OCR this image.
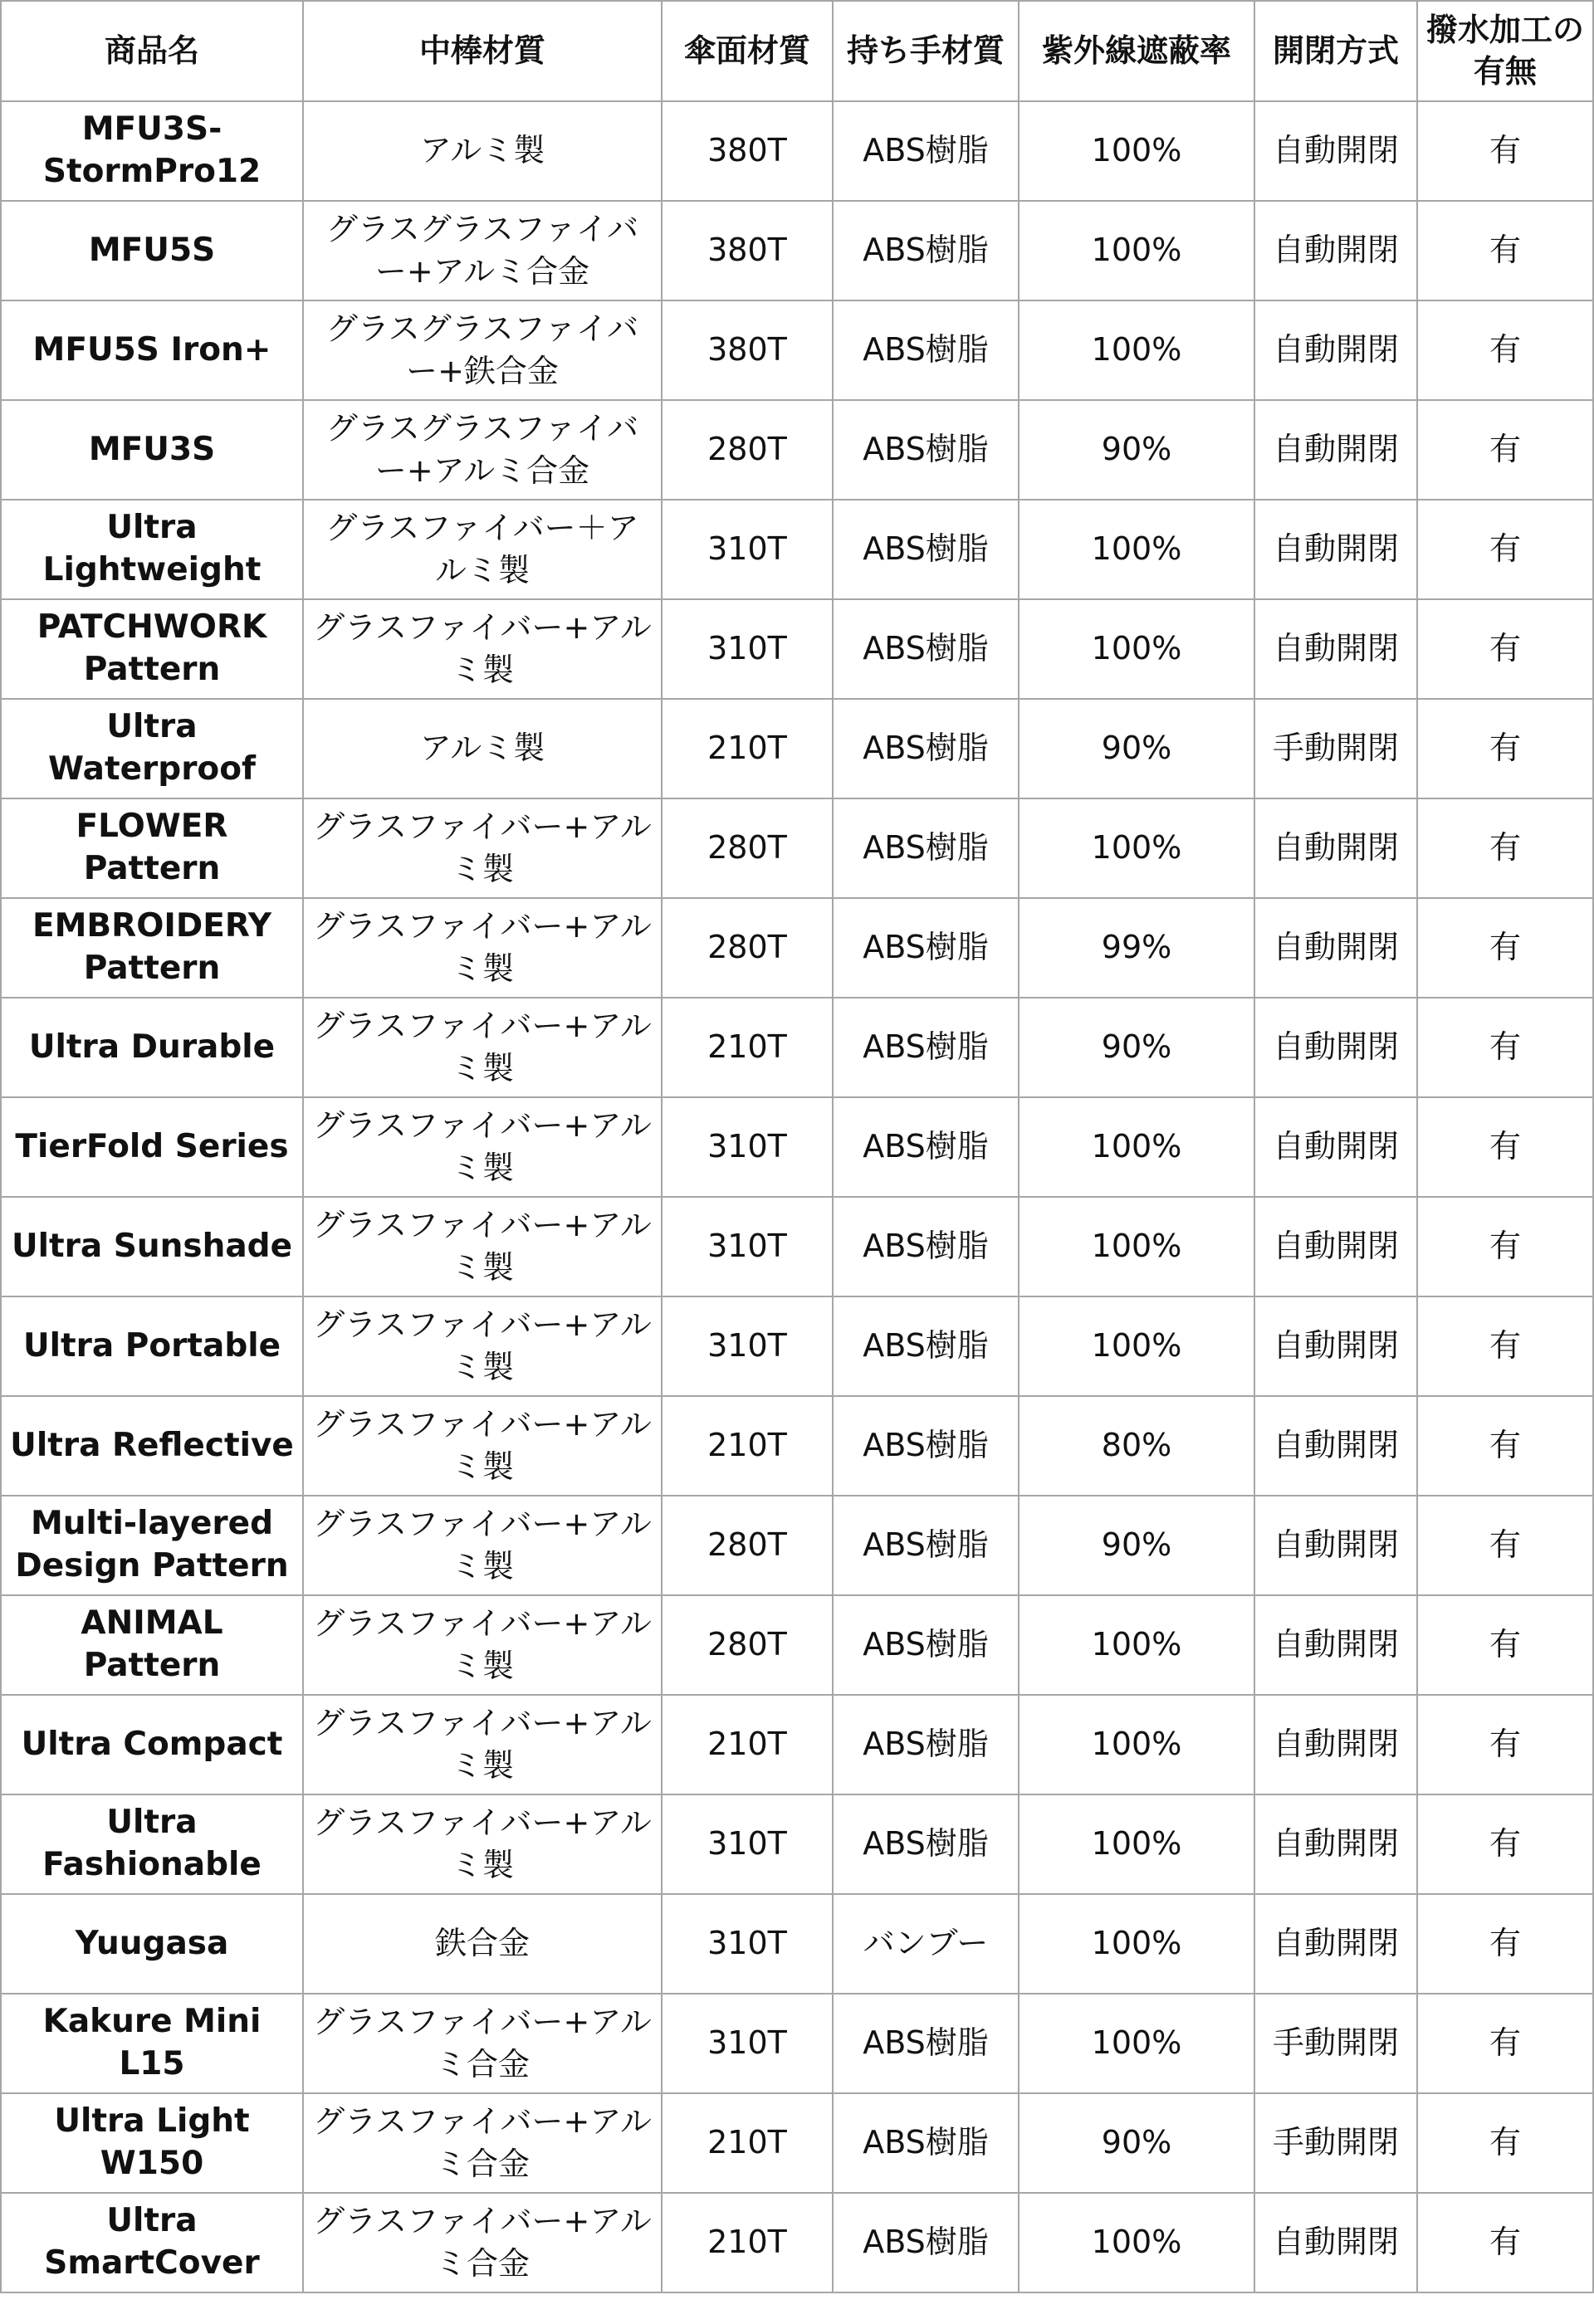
商品名	中棒材質	傘面材質	持ち手材質	紫外線遮蔽率	開閉方式	撥水加工の有無
MFU3S-StormPro12	アルミ製	380T	ABS樹脂	100%	自動開閉	有
MFU5S	グラスグラスファイバー+アルミ合金	380T	ABS樹脂	100%	自動開閉	有
MFU5S Iron+	グラスグラスファイバー+鉄合金	380T	ABS樹脂	100%	自動開閉	有
MFU3S	グラスグラスファイバー+アルミ合金	280T	ABS樹脂	90%	自動開閉	有
Ultra Lightweight	グラスファイバー＋アルミ製	310T	ABS樹脂	100%	自動開閉	有
PATCHWORK Pattern	グラスファイバー+アルミ製	310T	ABS樹脂	100%	自動開閉	有
Ultra Waterproof	アルミ製	210T	ABS樹脂	90%	手動開閉	有
FLOWER Pattern	グラスファイバー+アルミ製	280T	ABS樹脂	100%	自動開閉	有
EMBROIDERY Pattern	グラスファイバー+アルミ製	280T	ABS樹脂	99%	自動開閉	有
Ultra Durable	グラスファイバー+アルミ製	210T	ABS樹脂	90%	自動開閉	有
TierFold Series	グラスファイバー+アルミ製	310T	ABS樹脂	100%	自動開閉	有
Ultra Sunshade	グラスファイバー+アルミ製	310T	ABS樹脂	100%	自動開閉	有
Ultra Portable	グラスファイバー+アルミ製	310T	ABS樹脂	100%	自動開閉	有
Ultra Reflective	グラスファイバー+アルミ製	210T	ABS樹脂	80%	自動開閉	有
Multi-layered Design Pattern	グラスファイバー+アルミ製	280T	ABS樹脂	90%	自動開閉	有
ANIMAL Pattern	グラスファイバー+アルミ製	280T	ABS樹脂	100%	自動開閉	有
Ultra Compact	グラスファイバー+アルミ製	210T	ABS樹脂	100%	自動開閉	有
Ultra Fashionable	グラスファイバー+アルミ製	310T	ABS樹脂	100%	自動開閉	有
Yuugasa	鉄合金	310T	バンブー	100%	自動開閉	有
Kakure Mini L15	グラスファイバー+アルミ合金	310T	ABS樹脂	100%	手動開閉	有
Ultra Light W150	グラスファイバー+アルミ合金	210T	ABS樹脂	90%	手動開閉	有
Ultra SmartCover	グラスファイバー+アルミ合金	210T	ABS樹脂	100%	自動開閉	有
